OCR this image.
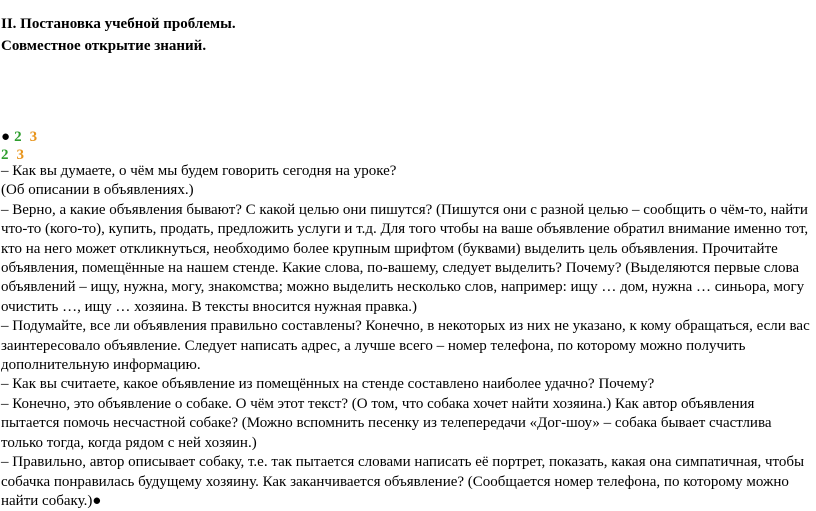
II. Постановка учебной проблемы.
Совместное открытие знаний.
● 2 3
2 3

– Как вы думаете, о чём мы будем говорить сегодня на уроке?

(Об описании в объявлениях.)

– Верно, а какие объявления бывают? С какой целью они пишутся? (Пишутся они с разной целью – сообщить о чём-то, найти что-то (кого-то), купить, продать, предложить услуги и т.д. Для того чтобы на ваше объявление обратил внимание именно тот, кто на него может откликнуться, необходимо более крупным шрифтом (буквами) выделить цель объявления. Прочитайте объявления, помещённые на нашем стенде. Какие слова, по-вашему, следует выделить? Почему? (Выделяются первые слова объявлений – ищу, нужна, могу, знакомства; можно выделить несколько слов, например: ищу … дом, нужна … синьора, могу очистить …, ищу … хозяина. В тексты вносится нужная правка.)

– Подумайте, все ли объявления правильно составлены? Конечно, в некоторых из них не указано, к кому обращаться, если вас заинтересовало объявление. Следует написать адрес, а лучше всего – номер телефона, по которому можно получить дополнительную информацию.

– Как вы считаете, какое объявление из помещённых на стенде составлено наиболее удачно? Почему?

– Конечно, это объявление о собаке. О чём этот текст? (О том, что собака хочет найти хозяина.) Как автор объявления пытается помочь несчастной собаке? (Можно вспомнить песенку из телепередачи «Дог-шоу» – собака бывает счастлива только тогда, когда рядом с ней хозяин.)

– Правильно, автор описывает собаку, т.е. так пытается словами написать её портрет, показать, какая она симпатичная, чтобы собачка понравилась будущему хозяину. Как заканчивается объявление? (Сообщается номер телефона, по которому можно найти собаку.)●
